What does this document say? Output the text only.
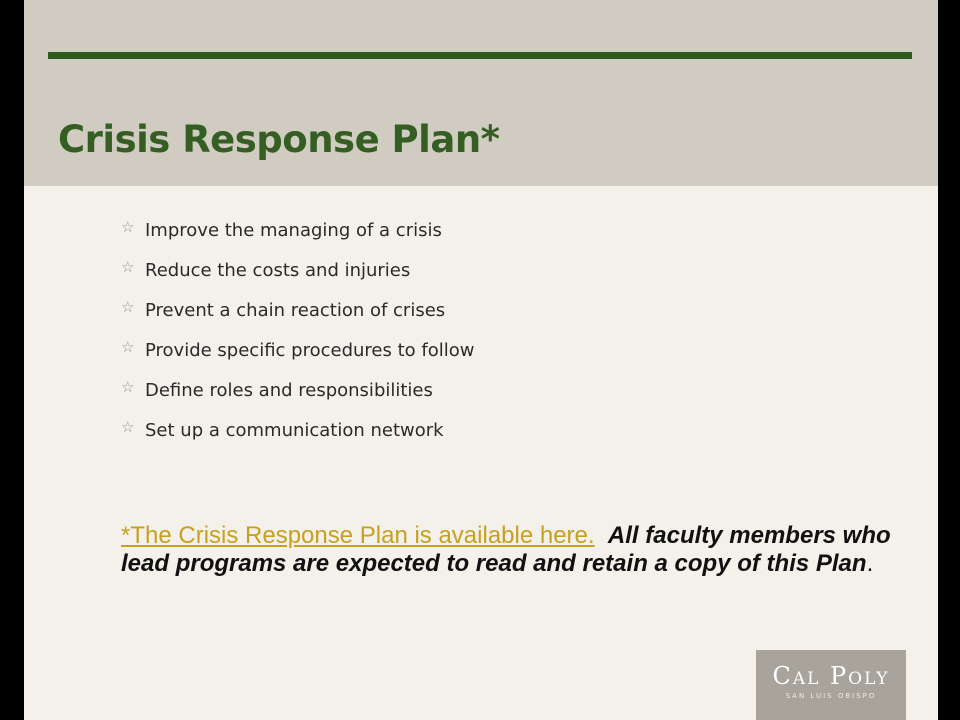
Crisis Response Plan*
☆ Improve the managing of a crisis
☆ Reduce the costs and injuries
☆ Prevent a chain reaction of crises
☆ Provide specific procedures to follow
☆ Define roles and responsibilities
☆ Set up a communication network
*The Crisis Response Plan is available here. All faculty members who lead programs are expected to read and retain a copy of this Plan.
Cal Poly
SAN LUIS OBISPO
